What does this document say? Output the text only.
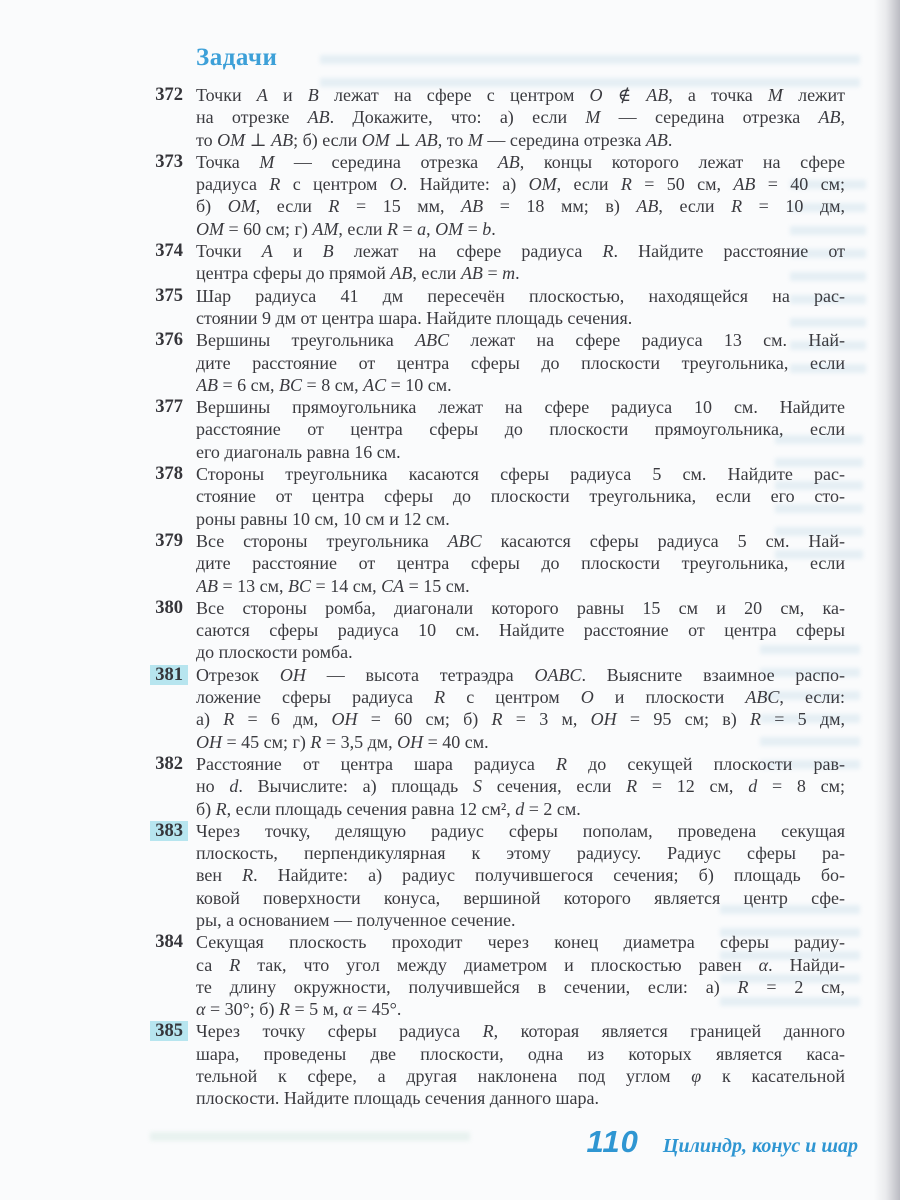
Задачи
372 Точки A и B лежат на сфере с центром O ∉ AB, а точка M лежит
на отрезке AB. Докажите, что: а) если M — середина отрезка AB,
то OM ⊥ AB; б) если OM ⊥ AB, то M — середина отрезка AB.
373 Точка M — середина отрезка AB, концы которого лежат на сфере
радиуса R с центром O. Найдите: а) OM, если R = 50 см, AB = 40 см;
б) OM, если R = 15 мм, AB = 18 мм; в) AB, если R = 10 дм,
OM = 60 см; г) AM, если R = a, OM = b.
374 Точки A и B лежат на сфере радиуса R. Найдите расстояние от
центра сферы до прямой AB, если AB = m.
375 Шар радиуса 41 дм пересечён плоскостью, находящейся на рас-
стоянии 9 дм от центра шара. Найдите площадь сечения.
376 Вершины треугольника ABC лежат на сфере радиуса 13 см. Най-
дите расстояние от центра сферы до плоскости треугольника, если
AB = 6 см, BC = 8 см, AC = 10 см.
377 Вершины прямоугольника лежат на сфере радиуса 10 см. Найдите
расстояние от центра сферы до плоскости прямоугольника, если
его диагональ равна 16 см.
378 Стороны треугольника касаются сферы радиуса 5 см. Найдите рас-
стояние от центра сферы до плоскости треугольника, если его сто-
роны равны 10 см, 10 см и 12 см.
379 Все стороны треугольника ABC касаются сферы радиуса 5 см. Най-
дите расстояние от центра сферы до плоскости треугольника, если
AB = 13 см, BC = 14 см, CA = 15 см.
380 Все стороны ромба, диагонали которого равны 15 см и 20 см, ка-
саются сферы радиуса 10 см. Найдите расстояние от центра сферы
до плоскости ромба.
381 Отрезок OH — высота тетраэдра OABC. Выясните взаимное распо-
ложение сферы радиуса R с центром O и плоскости ABC, если:
а) R = 6 дм, OH = 60 см; б) R = 3 м, OH = 95 см; в) R = 5 дм,
OH = 45 см; г) R = 3,5 дм, OH = 40 см.
382 Расстояние от центра шара радиуса R до секущей плоскости рав-
но d. Вычислите: а) площадь S сечения, если R = 12 см, d = 8 см;
б) R, если площадь сечения равна 12 см², d = 2 см.
383 Через точку, делящую радиус сферы пополам, проведена секущая
плоскость, перпендикулярная к этому радиусу. Радиус сферы ра-
вен R. Найдите: а) радиус получившегося сечения; б) площадь бо-
ковой поверхности конуса, вершиной которого является центр сфе-
ры, а основанием — полученное сечение.
384 Секущая плоскость проходит через конец диаметра сферы радиу-
са R так, что угол между диаметром и плоскостью равен α. Найди-
те длину окружности, получившейся в сечении, если: а) R = 2 см,
α = 30°; б) R = 5 м, α = 45°.
385 Через точку сферы радиуса R, которая является границей данного
шара, проведены две плоскости, одна из которых является каса-
тельной к сфере, а другая наклонена под углом φ к касательной
плоскости. Найдите площадь сечения данного шара.
110 Цилиндр, конус и шар
